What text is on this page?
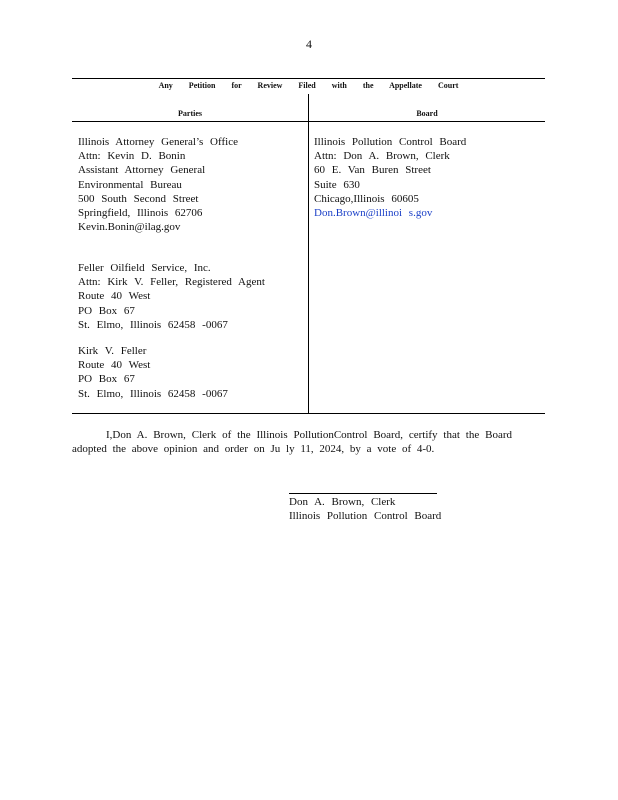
4
Any Petition for Review Filed with the Appellate Court
Parties	Board
Illinois Attorney General’s Office
Attn: Kevin D. Bonin
Assistant Attorney General
Environmental Bureau
500 South Second Street
Springfield, Illinois 62706
Kevin.Bonin@ilag.gov
Feller Oilfield Service, Inc.
Attn: Kirk V. Feller, Registered Agent
Route 40 West
PO Box 67
St. Elmo, Illinois 62458 -0067
Kirk V. Feller
Route 40 West
PO Box 67
St. Elmo, Illinois 62458 -0067
Illinois Pollution Control Board
Attn: Don A. Brown, Clerk
60 E. Van Buren Street
Suite 630
Chicago,Illinois 60605
Don.Brown@illinoi s.gov
I,Don A. Brown, Clerk of the Illinois PollutionControl Board, certify that the Board adopted the above opinion and order on Ju ly 11, 2024, by a vote of 4-0.
Don A. Brown, Clerk
Illinois Pollution Control Board
